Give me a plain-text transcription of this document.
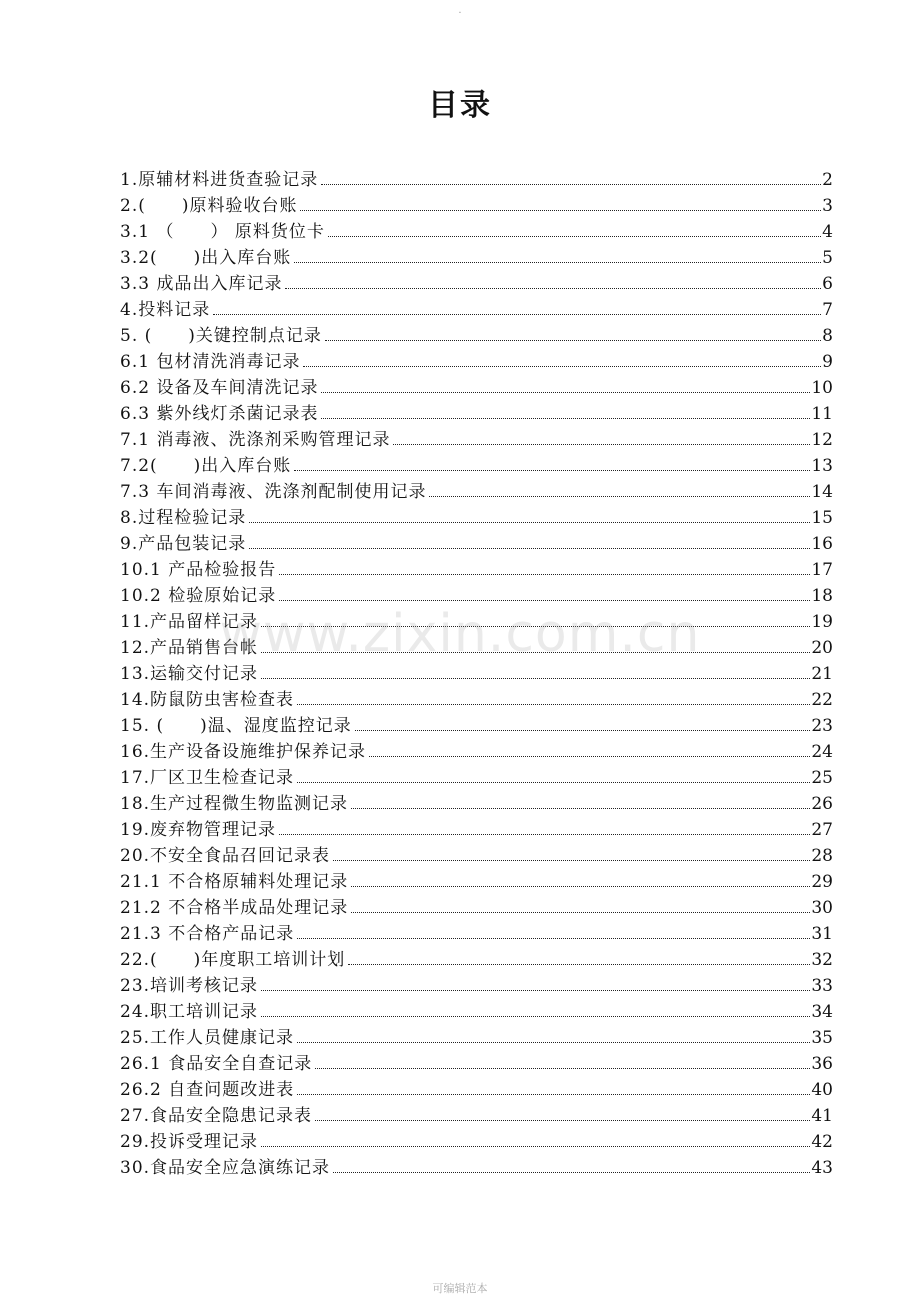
.
目录
1.原辅材料进货查验记录	2
2.(　　)原料验收台账	3
3.1 （　　） 原料货位卡	4
3.2(　　)出入库台账	5
3.3 成品出入库记录	6
4.投料记录	7
5. (　　)关键控制点记录	8
6.1 包材清洗消毒记录	9
6.2 设备及车间清洗记录	10
6.3 紫外线灯杀菌记录表	11
7.1 消毒液、洗涤剂采购管理记录	12
7.2(　　)出入库台账	13
7.3 车间消毒液、洗涤剂配制使用记录	14
8.过程检验记录	15
9.产品包装记录	16
10.1 产品检验报告	17
10.2 检验原始记录	18
11.产品留样记录	19
12.产品销售台帐	20
13.运输交付记录	21
14.防鼠防虫害检查表	22
15. (　　)温、湿度监控记录	23
16.生产设备设施维护保养记录	24
17.厂区卫生检查记录	25
18.生产过程微生物监测记录	26
19.废弃物管理记录	27
20.不安全食品召回记录表	28
21.1 不合格原辅料处理记录	29
21.2 不合格半成品处理记录	30
21.3 不合格产品记录	31
22.(　　)年度职工培训计划	32
23.培训考核记录	33
24.职工培训记录	34
25.工作人员健康记录	35
26.1 食品安全自查记录	36
26.2 自查问题改进表	40
27.食品安全隐患记录表	41
29.投诉受理记录	42
30.食品安全应急演练记录	43
www.zixin.com.cn
可编辑范本
